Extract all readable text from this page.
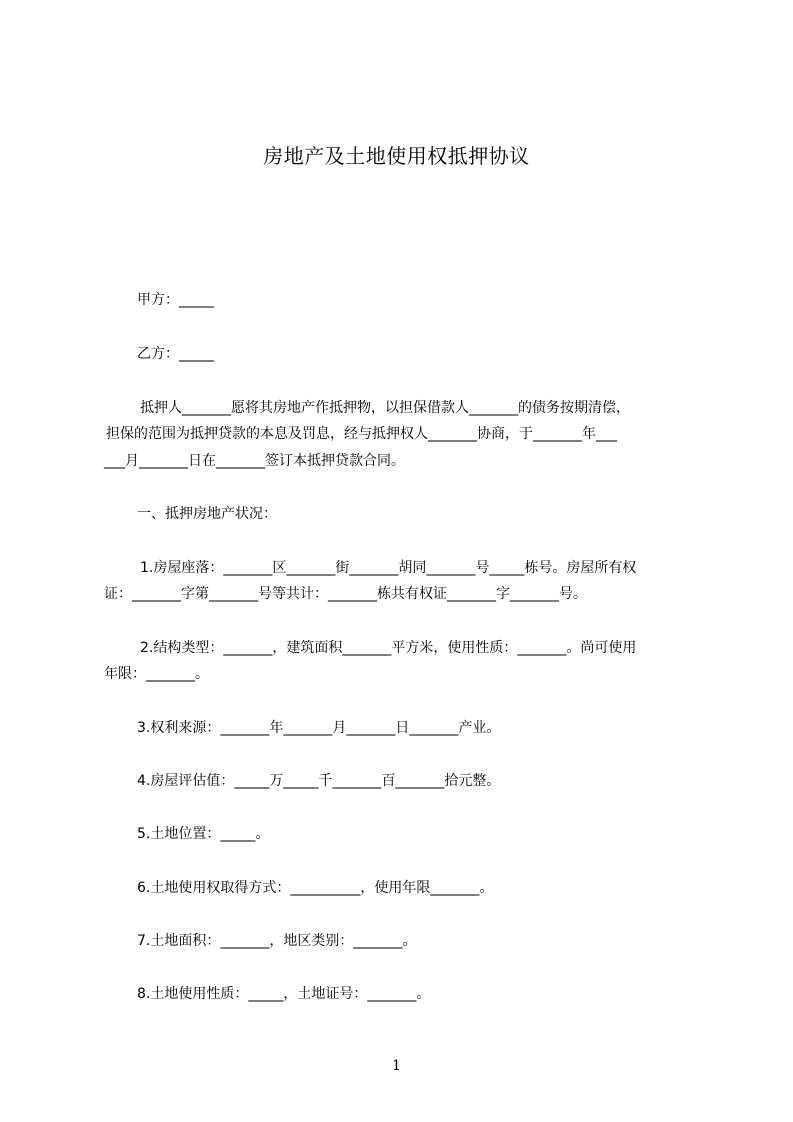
房地产及土地使用权抵押协议

甲方：_____

乙方：_____

抵押人_______愿将其房地产作抵押物，以担保借款人_______的债务按期清偿，

担保的范围为抵押贷款的本息及罚息，经与抵押权人_______协商，于_______年___

___月_______日在_______签订本抵押贷款合同。

一、抵押房地产状况：

1.房屋座落：_______区_______街_______胡同_______号_____栋号。房屋所有权

证：_______字第_______号等共计：_______栋共有权证_______字_______号。

2.结构类型：_______，建筑面积_______平方米，使用性质：_______。尚可使用

年限：_______。

3.权利来源：_______年_______月_______日_______产业。

4.房屋评估值：_____万_____千_______百_______拾元整。

5.土地位置：_____。

6.土地使用权取得方式：__________，使用年限_______。

7.土地面积：_______，地区类别：_______。

8.土地使用性质：_____，土地证号：_______。

1
